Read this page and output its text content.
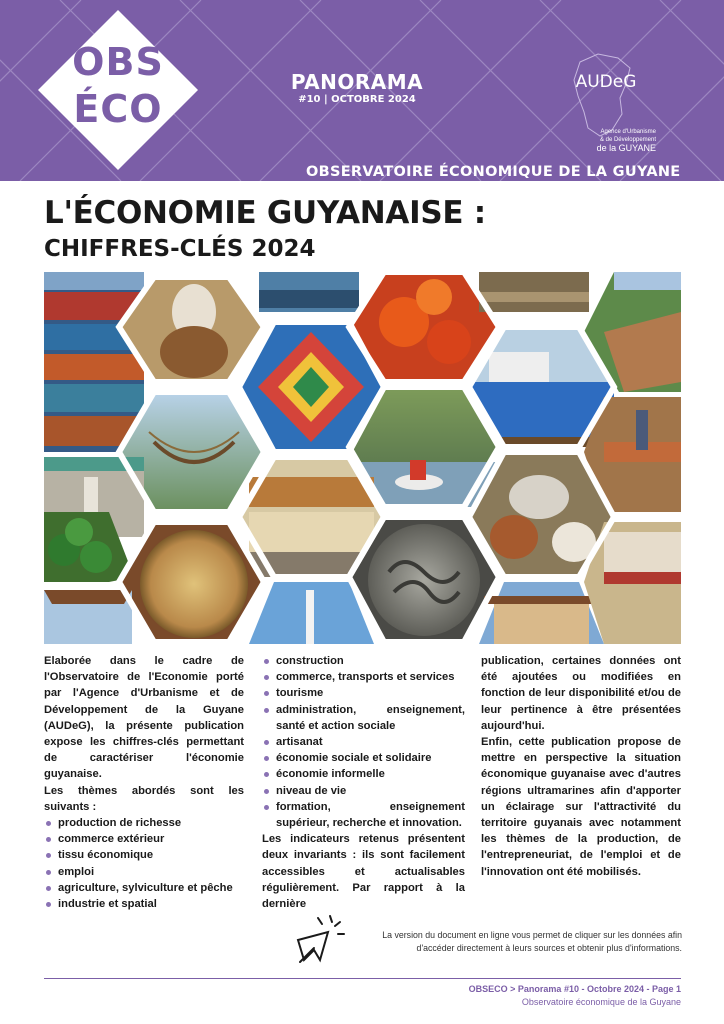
OBS
ÉCO
PANORAMA
#10 | OCTOBRE 2024
AUDeG
Agence d'Urbanisme
& de Développement
de la GUYANE
OBSERVATOIRE ÉCONOMIQUE DE LA GUYANE
L'ÉCONOMIE GUYANAISE :
CHIFFRES-CLÉS 2024

Elaborée dans le cadre de l'Observatoire de l'Economie porté par l'Agence d'Urbanisme et de Développement de la Guyane (AUDeG), la présente publication expose les chiffres-clés permettant de caractériser l'économie guyanaise.

Les thèmes abordés sont les suivants :

production de richesse
commerce extérieur
tissu économique
emploi
agriculture, sylviculture et pêche
industrie et spatial
construction
commerce, transports et services
tourisme
administration, enseignement, santé et action sociale
artisanat
économie sociale et solidaire
économie informelle
niveau de vie
formation, enseignement supérieur, recherche et innovation.

Les indicateurs retenus présentent deux invariants : ils sont facilement accessibles et actualisables régulièrement. Par rapport à la dernière

publication, certaines données ont été ajoutées ou modifiées en fonction de leur disponibilité et/ou de leur pertinence à être présentées aujourd'hui.

Enfin, cette publication propose de mettre en perspective la situation économique guyanaise avec d'autres régions ultramarines afin d'apporter un éclairage sur l'attractivité du territoire guyanais avec notamment les thèmes de la production, de l'entrepreneuriat, de l'emploi et de l'innovation ont été mobilisés.

La version du document en ligne vous permet de cliquer sur les données afin
d'accéder directement à leurs sources et obtenir plus d'informations.
OBSECO > Panorama #10 - Octobre 2024 - Page 1
Observatoire économique de la Guyane
